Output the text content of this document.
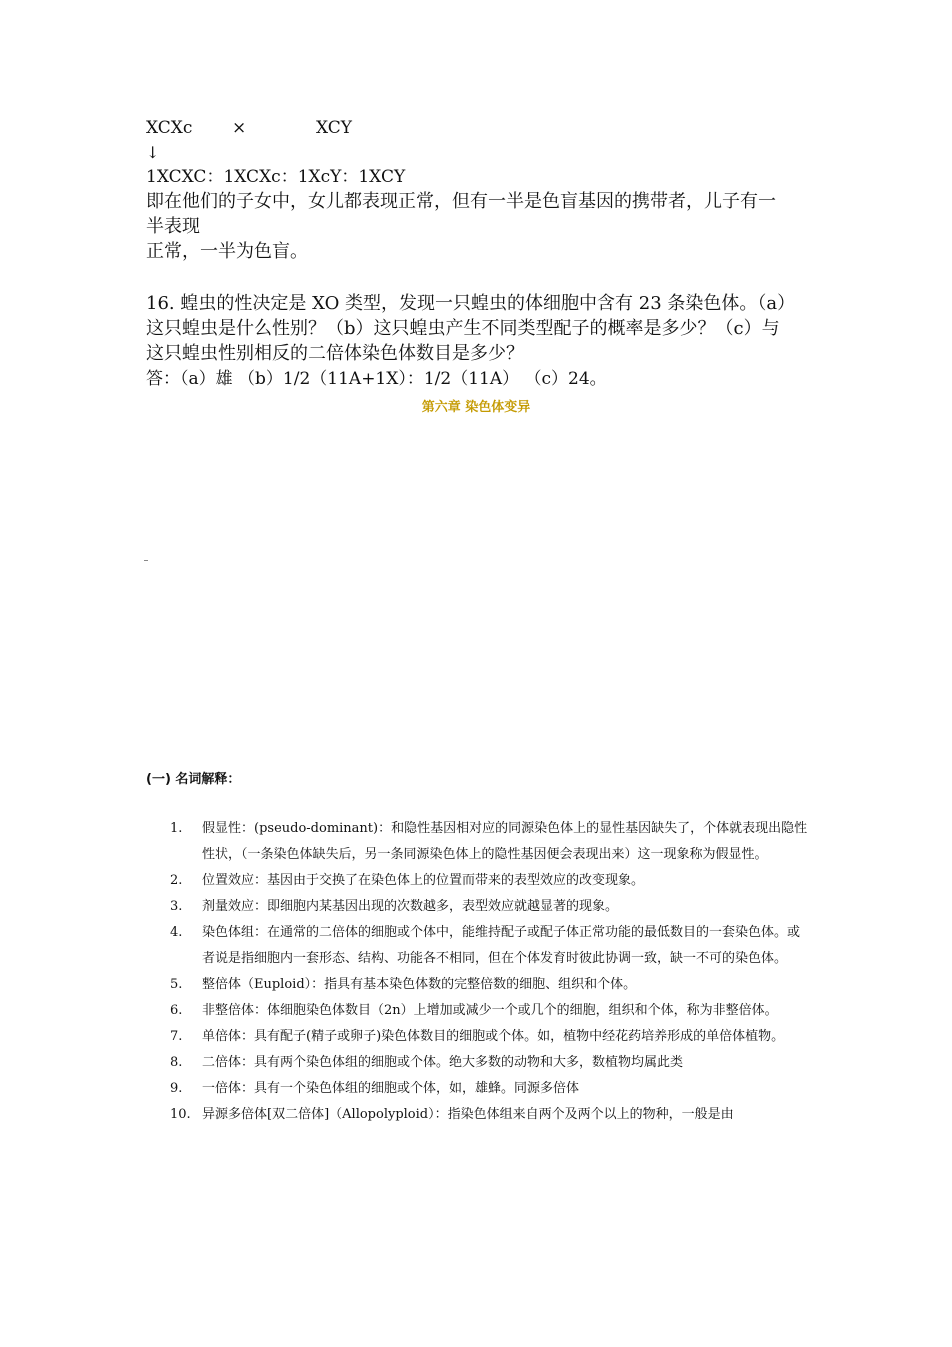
XCXc ×	XCY
↓
1XCXC：1XCXc：1XcY：1XCY
即在他们的子女中，女儿都表现正常，但有一半是色盲基因的携带者，儿子有一
半表现
正常，一半为色盲。
16. 蝗虫的性决定是 XO 类型，发现一只蝗虫的体细胞中含有 23 条染色体。（a）
这只蝗虫是什么性别？（b）这只蝗虫产生不同类型配子的概率是多少？（c）与
这只蝗虫性别相反的二倍体染色体数目是多少？
答：（a）雄 （b）1/2（11A+1X）：1/2（11A） （c）24。
第六章 染色体变异
(一) 名词解释：
1. 假显性：(pseudo-dominant)：和隐性基因相对应的同源染色体上的显性基因缺失了，个体就表现出隐性性状，（一条染色体缺失后，另一条同源染色体上的隐性基因便会表现出来）这一现象称为假显性。
2. 位置效应：基因由于交换了在染色体上的位置而带来的表型效应的改变现象。
3. 剂量效应：即细胞内某基因出现的次数越多，表型效应就越显著的现象。
4. 染色体组：在通常的二倍体的细胞或个体中，能维持配子或配子体正常功能的最低数目的一套染色体。或者说是指细胞内一套形态、结构、功能各不相同，但在个体发育时彼此协调一致，缺一不可的染色体。
5. 整倍体（Euploid）：指具有基本染色体数的完整倍数的细胞、组织和个体。
6. 非整倍体：体细胞染色体数目（2n）上增加或减少一个或几个的细胞，组织和个体，称为非整倍体。
7. 单倍体：具有配子(精子或卵子)染色体数目的细胞或个体。如，植物中经花药培养形成的单倍体植物。
8. 二倍体：具有两个染色体组的细胞或个体。绝大多数的动物和大多，数植物均属此类
9. 一倍体：具有一个染色体组的细胞或个体，如，雄蜂。同源多倍体
10. 异源多倍体[双二倍体]（Allopolyploid）：指染色体组来自两个及两个以上的物种，一般是由
